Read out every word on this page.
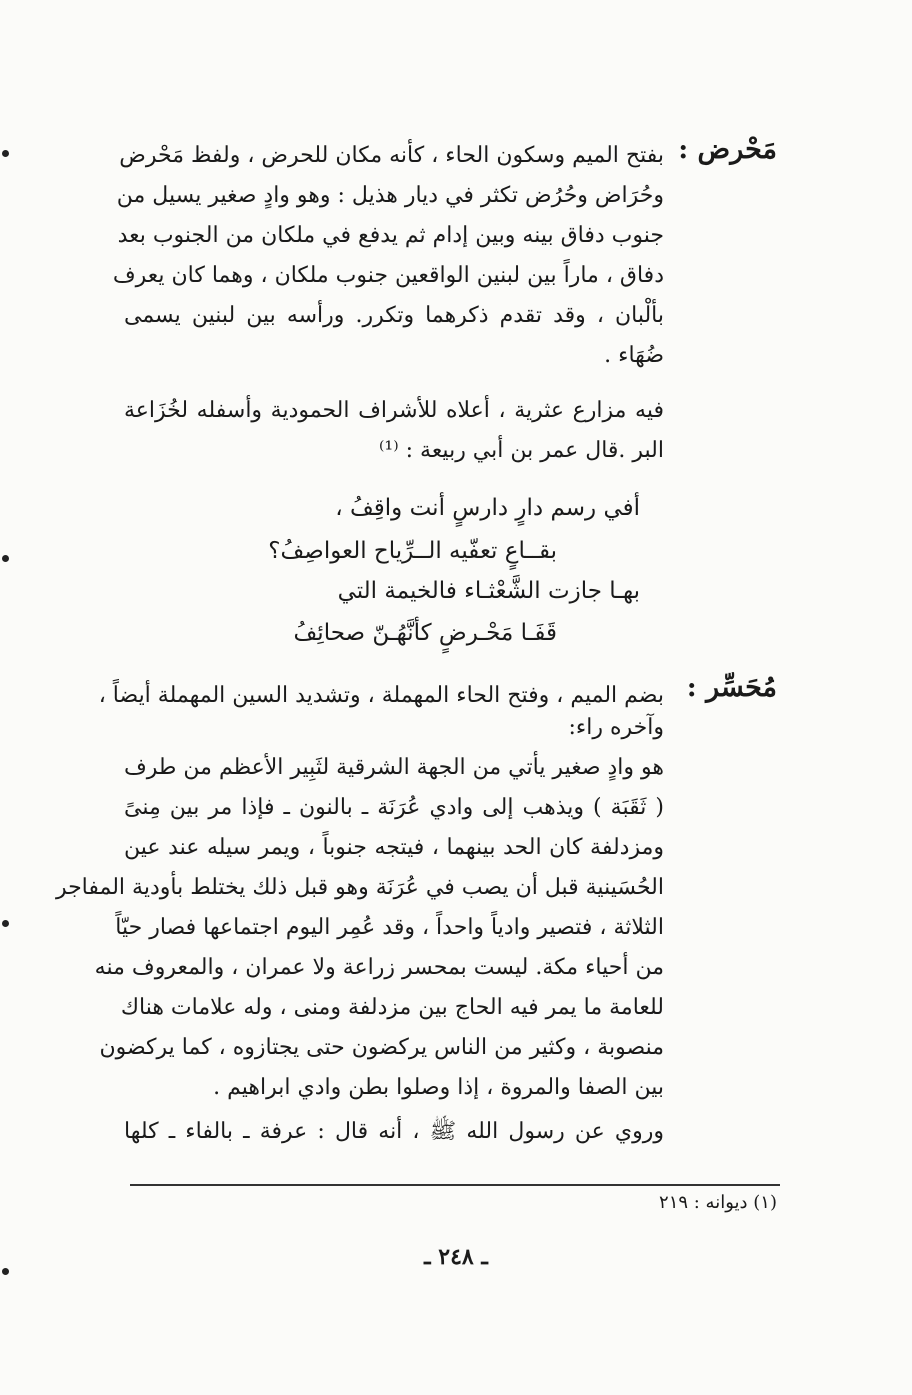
مَحْرض :
بفتح الميم وسكون الحاء ، كأنه مكان للحرض ، ولفظ مَحْرض
وحُرَاض وحُرُض تكثر في ديار هذيل : وهو وادٍ صغير يسيل من
جنوب دفاق بينه وبين إدام ثم يدفع في ملكان من الجنوب بعد
دفاق ، ماراً بين لبنين الواقعين جنوب ملكان ، وهما كان يعرف
بألْبان ، وقد تقدم ذكرهما وتكرر. ورأسه بين لبنين يسمى
ضُهَاء .
فيه مزارع عثرية ، أعلاه للأشراف الحمودية وأسفله لخُزَاعة
البر .قال عمر بن أبي ربيعة : ⁽¹⁾
أفي رسم دارٍ دارسٍ أنت واقِفُ ،
بقــاعٍ تعفّيه الــرِّياح العواصِفُ؟
بهـا جازت الشَّعْثـاء فالخيمة التي
قَفَـا مَحْـرضٍ كأنَّهُـنّ صحائِفُ
مُحَسِّر :
بضم الميم ، وفتح الحاء المهملة ، وتشديد السين المهملة أيضاً ،
وآخره راء:
هو وادٍ صغير يأتي من الجهة الشرقية لثَبِير الأعظم من طرف
( ثَقَبَة ) ويذهب إلى وادي عُرَنَة ـ بالنون ـ فإذا مر بين مِنىً
ومزدلفة كان الحد بينهما ، فيتجه جنوباً ، ويمر سيله عند عين
الحُسَينية قبل أن يصب في عُرَنَة وهو قبل ذلك يختلط بأودية المفاجر
الثلاثة ، فتصير وادياً واحداً ، وقد عُمِر اليوم اجتماعها فصار حيّاً
من أحياء مكة. ليست بمحسر زراعة ولا عمران ، والمعروف منه
للعامة ما يمر فيه الحاج بين مزدلفة ومنى ، وله علامات هناك
منصوبة ، وكثير من الناس يركضون حتى يجتازوه ، كما يركضون
بين الصفا والمروة ، إذا وصلوا بطن وادي ابراهيم .
وروي عن رسول الله ﷺ ، أنه قال : عرفة ـ بالفاء ـ كلها
(١) ديوانه : ٢١٩
ـ ٢٤٨ ـ
